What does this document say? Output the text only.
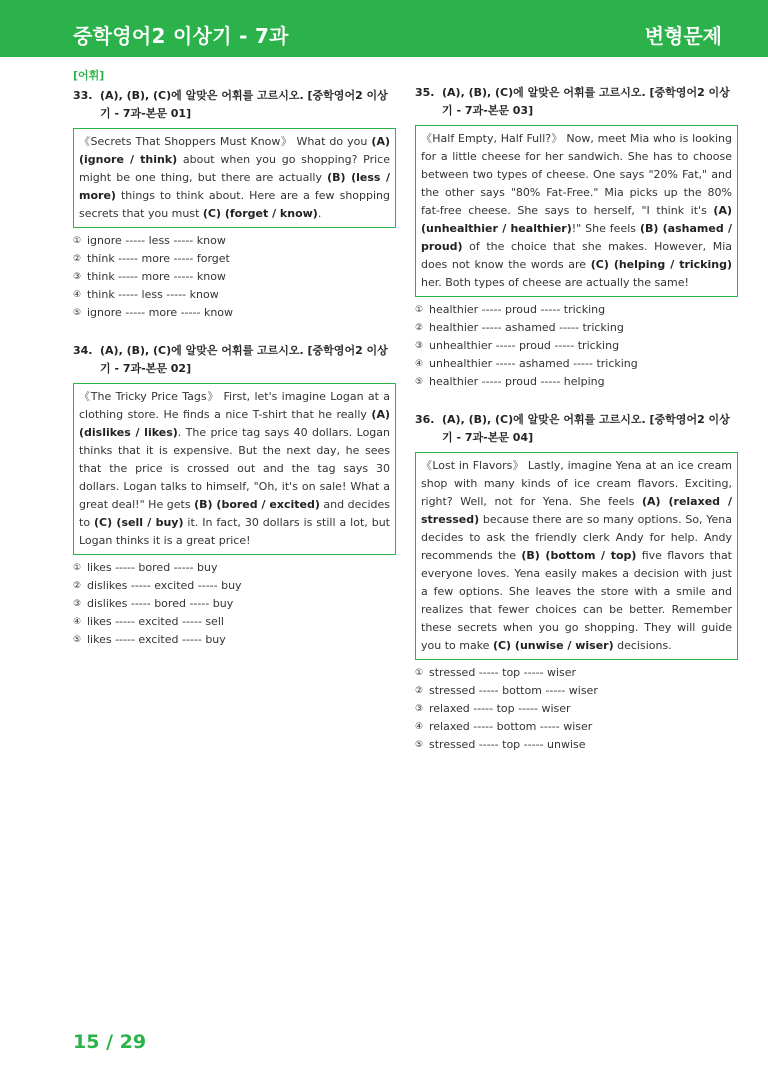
중학영어2 이상기 - 7과	변형문제
[어휘]
33. (A), (B), (C)에 알맞은 어휘를 고르시오. [중학영어2 이상기 - 7과-본문 01]
《Secrets That Shoppers Must Know》 What do you (A) (ignore / think) about when you go shopping? Price might be one thing, but there are actually (B) (less / more) things to think about. Here are a few shopping secrets that you must (C) (forget / know).
① ignore ----- less ----- know
② think ----- more ----- forget
③ think ----- more ----- know
④ think ----- less ----- know
⑤ ignore ----- more ----- know
34. (A), (B), (C)에 알맞은 어휘를 고르시오. [중학영어2 이상기 - 7과-본문 02]
《The Tricky Price Tags》 First, let's imagine Logan at a clothing store. He finds a nice T-shirt that he really (A) (dislikes / likes). The price tag says 40 dollars. Logan thinks that it is expensive. But the next day, he sees that the price is crossed out and the tag says 30 dollars. Logan talks to himself, "Oh, it's on sale! What a great deal!" He gets (B) (bored / excited) and decides to (C) (sell / buy) it. In fact, 30 dollars is still a lot, but Logan thinks it is a great price!
① likes ----- bored ----- buy
② dislikes ----- excited ----- buy
③ dislikes ----- bored ----- buy
④ likes ----- excited ----- sell
⑤ likes ----- excited ----- buy
35. (A), (B), (C)에 알맞은 어휘를 고르시오. [중학영어2 이상기 - 7과-본문 03]
《Half Empty, Half Full?》 Now, meet Mia who is looking for a little cheese for her sandwich. She has to choose between two types of cheese. One says "20% Fat," and the other says "80% Fat-Free." Mia picks up the 80% fat-free cheese. She says to herself, "I think it's (A) (unhealthier / healthier)!" She feels (B) (ashamed / proud) of the choice that she makes. However, Mia does not know the words are (C) (helping / tricking) her. Both types of cheese are actually the same!
① healthier ----- proud ----- tricking
② healthier ----- ashamed ----- tricking
③ unhealthier ----- proud ----- tricking
④ unhealthier ----- ashamed ----- tricking
⑤ healthier ----- proud ----- helping
36. (A), (B), (C)에 알맞은 어휘를 고르시오. [중학영어2 이상기 - 7과-본문 04]
《Lost in Flavors》 Lastly, imagine Yena at an ice cream shop with many kinds of ice cream flavors. Exciting, right? Well, not for Yena. She feels (A) (relaxed / stressed) because there are so many options. So, Yena decides to ask the friendly clerk Andy for help. Andy recommends the (B) (bottom / top) five flavors that everyone loves. Yena easily makes a decision with just a few options. She leaves the store with a smile and realizes that fewer choices can be better. Remember these secrets when you go shopping. They will guide you to make (C) (unwise / wiser) decisions.
① stressed ----- top ----- wiser
② stressed ----- bottom ----- wiser
③ relaxed ----- top ----- wiser
④ relaxed ----- bottom ----- wiser
⑤ stressed ----- top ----- unwise
15 / 29
